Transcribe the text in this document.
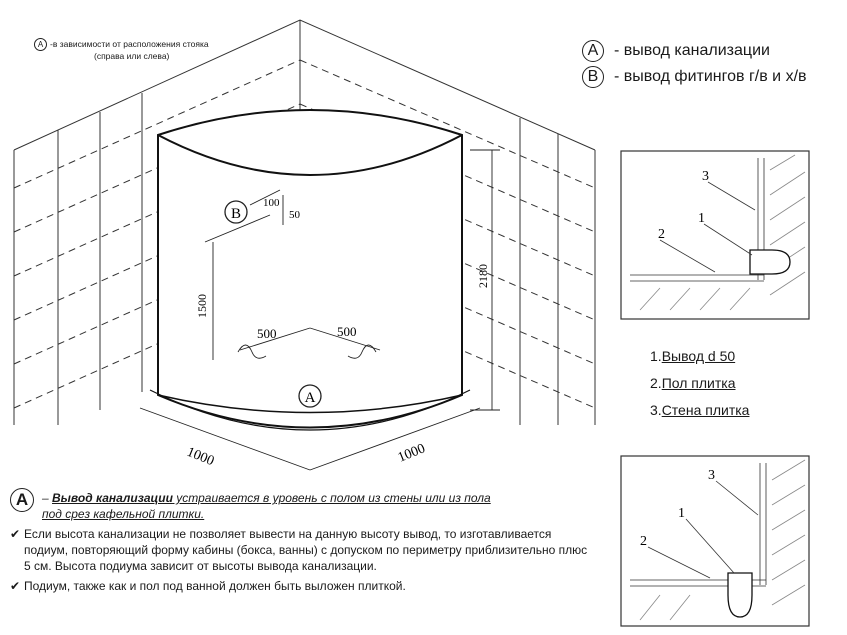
A -в зависимости от расположения стояка
(справа или слева)	A - вывод канализации
B - вывод фитингов г/в и х/в
B
A
100
50
1500
500	500
2180
1000	1000
3
1
2
1.Вывод d 50
2.Пол плитка
3.Стена плитка
3
1
2
A	– Вывод канализации устраивается в уровень с полом из стены или из пола
под срез кафельной плитки.
✔ Если высота канализации не позволяет вывести на данную высоту вывод, то изготавливается подиум, повторяющий форму кабины (бокса, ванны) с допуском по периметру приблизительно плюс 5 см. Высота подиума зависит от высоты вывода канализации.
✔ Подиум, также как и пол под ванной должен быть выложен плиткой.
